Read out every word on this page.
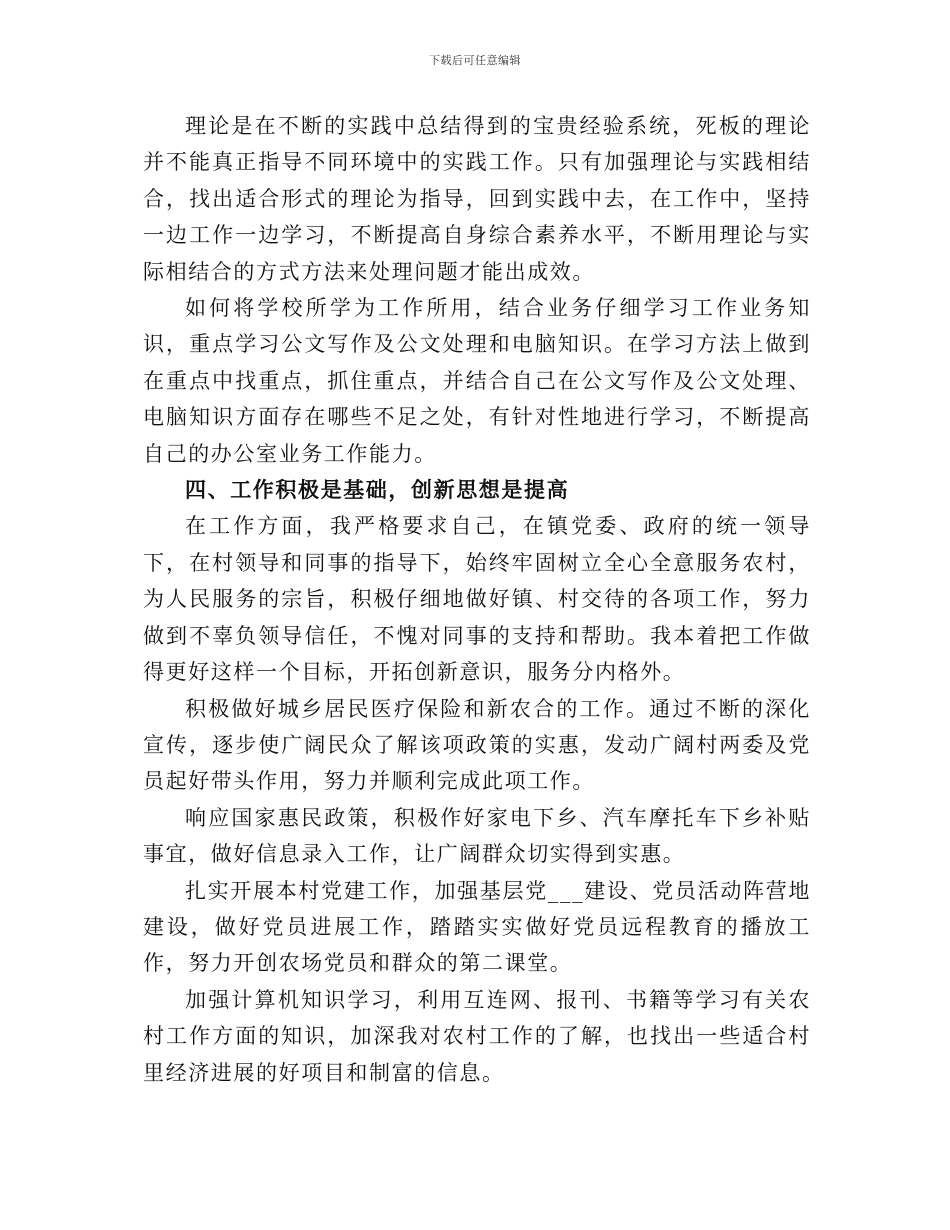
下载后可任意编辑

理论是在不断的实践中总结得到的宝贵经验系统，死板的理论并不能真正指导不同环境中的实践工作。只有加强理论与实践相结合，找出适合形式的理论为指导，回到实践中去，在工作中，坚持一边工作一边学习，不断提高自身综合素养水平，不断用理论与实际相结合的方式方法来处理问题才能出成效。

如何将学校所学为工作所用，结合业务仔细学习工作业务知识，重点学习公文写作及公文处理和电脑知识。在学习方法上做到在重点中找重点，抓住重点，并结合自己在公文写作及公文处理、电脑知识方面存在哪些不足之处，有针对性地进行学习，不断提高自己的办公室业务工作能力。

四、工作积极是基础，创新思想是提高

在工作方面，我严格要求自己，在镇党委、政府的统一领导下，在村领导和同事的指导下，始终牢固树立全心全意服务农村，为人民服务的宗旨，积极仔细地做好镇、村交待的各项工作，努力做到不辜负领导信任，不愧对同事的支持和帮助。我本着把工作做得更好这样一个目标，开拓创新意识，服务分内格外。

积极做好城乡居民医疗保险和新农合的工作。通过不断的深化宣传，逐步使广阔民众了解该项政策的实惠，发动广阔村两委及党员起好带头作用，努力并顺利完成此项工作。

响应国家惠民政策，积极作好家电下乡、汽车摩托车下乡补贴事宜，做好信息录入工作，让广阔群众切实得到实惠。

扎实开展本村党建工作，加强基层党___建设、党员活动阵营地建设，做好党员进展工作，踏踏实实做好党员远程教育的播放工作，努力开创农场党员和群众的第二课堂。

加强计算机知识学习，利用互连网、报刊、书籍等学习有关农村工作方面的知识，加深我对农村工作的了解，也找出一些适合村里经济进展的好项目和制富的信息。
